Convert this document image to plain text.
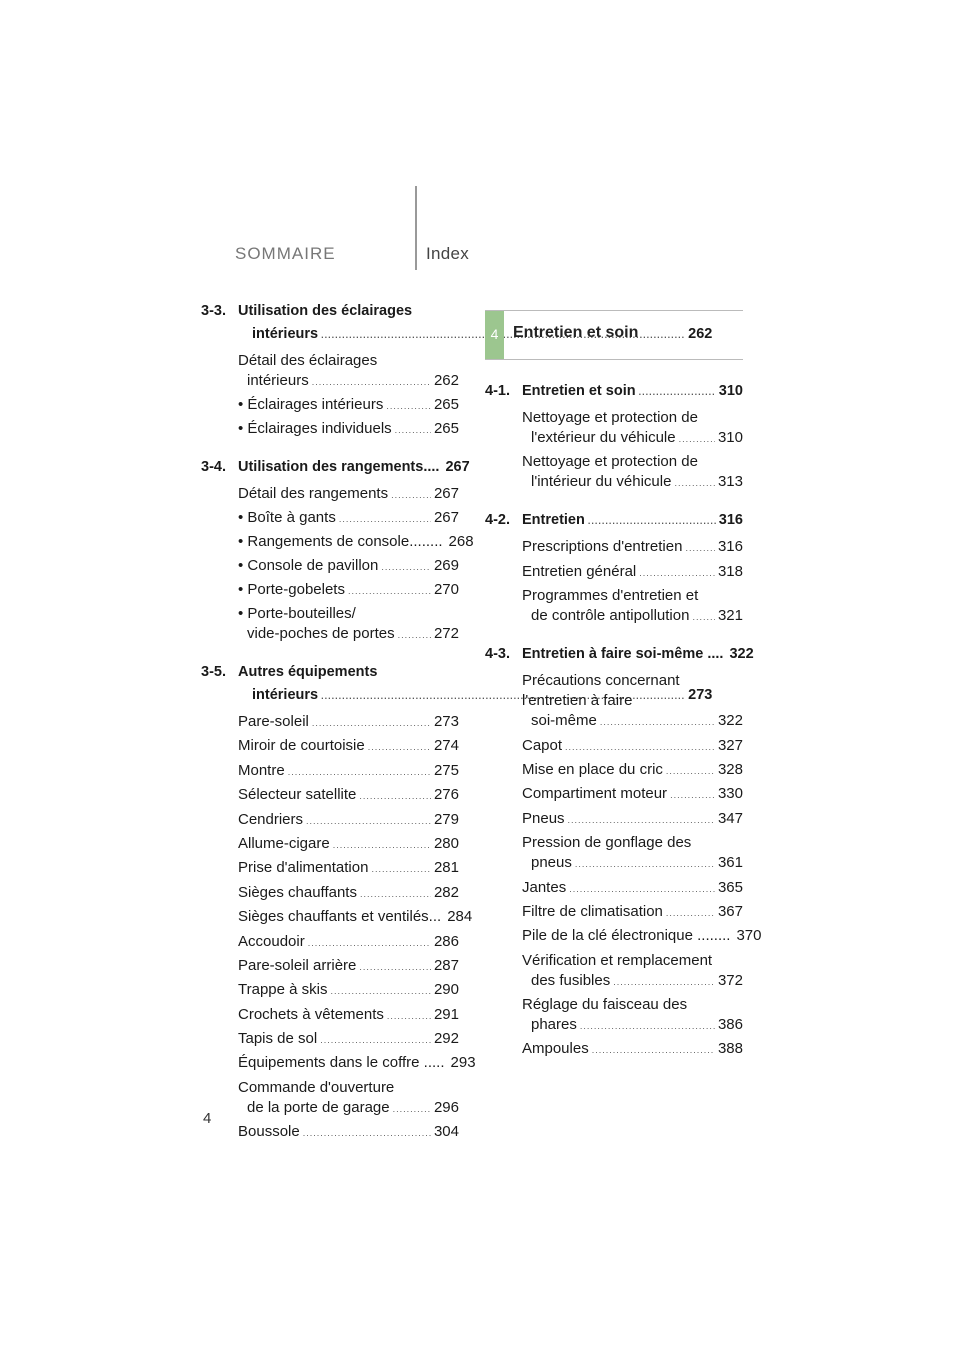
SOMMAIRE	Index
3-3. Utilisation des éclairages
intérieurs .....	262
Détail des éclairages
intérieurs .....	262
• Éclairages intérieurs .....	265
• Éclairages individuels .....	265
3-4. Utilisation des rangements.... 267
Détail des rangements .....	267
• Boîte à gants .....	267
• Rangements de console........ 268
• Console de pavillon .....	269
• Porte-gobelets .....	270
• Porte-bouteilles/
vide-poches de portes .....	272
3-5. Autres équipements
intérieurs .....	273
Pare-soleil .....	273
Miroir de courtoisie .....	274
Montre .....	275
Sélecteur satellite .....	276
Cendriers .....	279
Allume-cigare .....	280
Prise d'alimentation .....	281
Sièges chauffants .....	282
Sièges chauffants et ventilés... 284
Accoudoir .....	286
Pare-soleil arrière .....	287
Trappe à skis .....	290
Crochets à vêtements .....	291
Tapis de sol .....	292
Équipements dans le coffre ..... 293
Commande d'ouverture
de la porte de garage .....	296
Boussole .....	304
4 Entretien et soin
4-1. Entretien et soin .....	310
Nettoyage et protection de
l'extérieur du véhicule .....	310
Nettoyage et protection de
l'intérieur du véhicule .....	313
4-2. Entretien .....	316
Prescriptions d'entretien ..... 316
Entretien général .....	318
Programmes d'entretien et
de contrôle antipollution ..... 321
4-3. Entretien à faire soi-même .... 322
Précautions concernant
l'entretien à faire
soi-même .....	322
Capot .....	327
Mise en place du cric .....	328
Compartiment moteur .....	330
Pneus .....	347
Pression de gonflage des
pneus .....	361
Jantes .....	365
Filtre de climatisation .....	367
Pile de la clé électronique ........ 370
Vérification et remplacement
des fusibles .....	372
Réglage du faisceau des
phares .....	386
Ampoules .....	388
4
